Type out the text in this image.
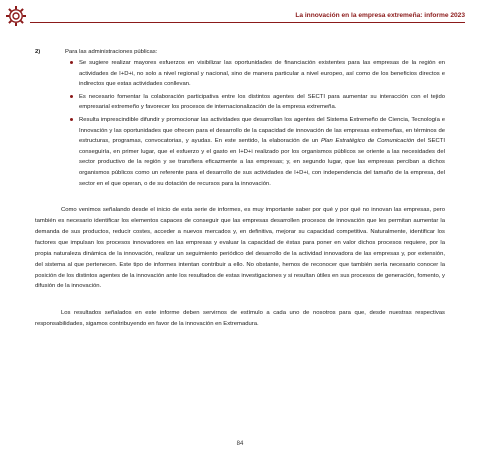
La innovación en la empresa extremeña: informe 2023
2)	Para las administraciones públicas:
Se sugiere realizar mayores esfuerzos en visibilizar las oportunidades de financiación existentes para las empresas de la región en actividades de I+D+i, no solo a nivel regional y nacional, sino de manera particular a nivel europeo, así como de los beneficios directos e indirectos que estas actividades conllevan.
Es necesario fomentar la colaboración participativa entre los distintos agentes del SECTI para aumentar su interacción con el tejido empresarial extremeño y favorecer los procesos de internacionalización de la empresa extremeña.
Resulta imprescindible difundir y promocionar las actividades que desarrollan los agentes del Sistema Extremeño de Ciencia, Tecnología e Innovación y las oportunidades que ofrecen para el desarrollo de la capacidad de innovación de las empresas extremeñas, en términos de estructuras, programas, convocatorias, y ayudas. En este sentido, la elaboración de un Plan Estratégico de Comunicación del SECTI conseguiría, en primer lugar, que el esfuerzo y el gasto en I+D+i realizado por los organismos públicos se oriente a las necesidades del sector productivo de la región y se transfiera eficazmente a las empresas; y, en segundo lugar, que las empresas perciban a dichos organismos públicos como un referente para el desarrollo de sus actividades de I+D+i, con independencia del tamaño de la empresa, del sector en el que operan, o de su dotación de recursos para la innovación.

Como venimos señalando desde el inicio de esta serie de informes, es muy importante saber por qué y por qué no innovan las empresas, pero también es necesario identificar los elementos capaces de conseguir que las empresas desarrollen procesos de innovación que les permitan aumentar la demanda de sus productos, reducir costes, acceder a nuevos mercados y, en definitiva, mejorar su capacidad competitiva. Naturalmente, identificar los factores que impulsan los procesos innovadores en las empresas y evaluar la capacidad de éstas para poner en valor dichos procesos requiere, por la propia naturaleza dinámica de la innovación, realizar un seguimiento periódico del desarrollo de la actividad innovadora de las empresas y, por extensión, del sistema al que pertenecen. Este tipo de informes intentan contribuir a ello. No obstante, hemos de reconocer que también sería necesario conocer la posición de los distintos agentes de la innovación ante los resultados de estas investigaciones y si resultan útiles en sus procesos de generación, fomento, y difusión de la innovación.

Los resultados señalados en este informe deben servirnos de estímulo a cada uno de nosotros para que, desde nuestras respectivas responsabilidades, sigamos contribuyendo en favor de la innovación en Extremadura.

84
